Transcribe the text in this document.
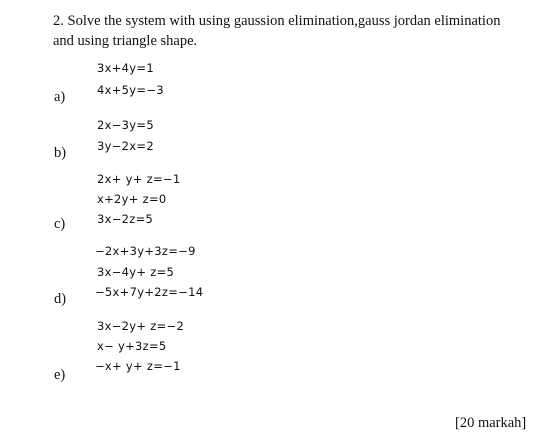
2. Solve the system with using gaussion elimination,gauss jordan elimination and using triangle shape.
3x+4y=1
4x+5y=−3
a)
2x−3y=5
3y−2x=2
b)
2x+ y+ z=−1
x+2y+ z=0
3x−2z=5
c)
−2x+3y+3z=−9
3x−4y+ z=5
−5x+7y+2z=−14
d)
3x−2y+ z=−2
x− y+3z=5
−x+ y+ z=−1
e)
[20 markah]
